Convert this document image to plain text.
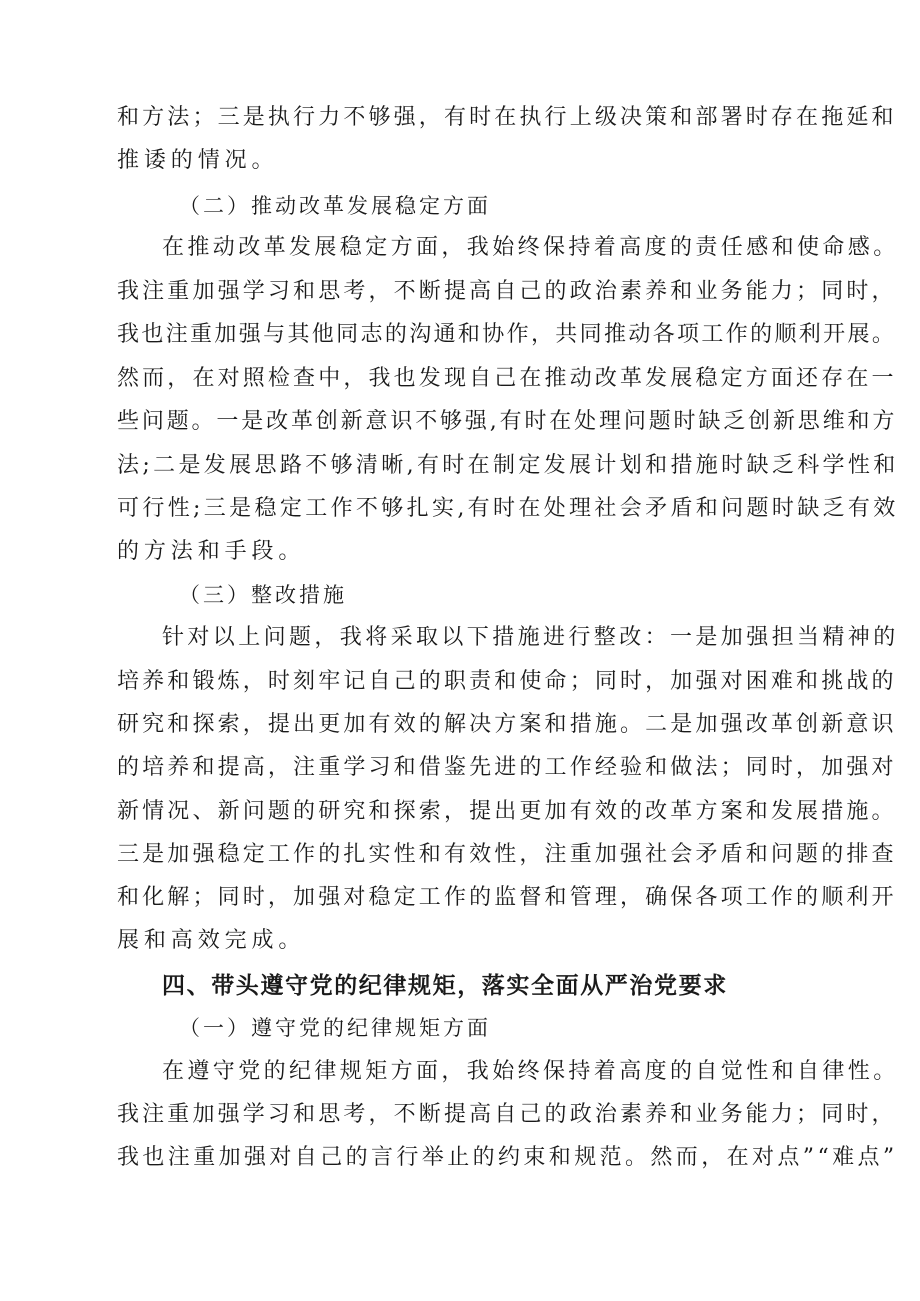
和方法；三是执行力不够强，有时在执行上级决策和部署时存在拖延和
推诿的情况。
（二）推动改革发展稳定方面
在推动改革发展稳定方面，我始终保持着高度的责任感和使命感。
我注重加强学习和思考，不断提高自己的政治素养和业务能力；同时，
我也注重加强与其他同志的沟通和协作，共同推动各项工作的顺利开展。
然而，在对照检查中，我也发现自己在推动改革发展稳定方面还存在一
些问题。一是改革创新意识不够强,有时在处理问题时缺乏创新思维和方
法;二是发展思路不够清晰,有时在制定发展计划和措施时缺乏科学性和
可行性;三是稳定工作不够扎实,有时在处理社会矛盾和问题时缺乏有效
的方法和手段。
（三）整改措施
针对以上问题，我将采取以下措施进行整改：一是加强担当精神的
培养和锻炼，时刻牢记自己的职责和使命；同时，加强对困难和挑战的
研究和探索，提出更加有效的解决方案和措施。二是加强改革创新意识
的培养和提高，注重学习和借鉴先进的工作经验和做法；同时，加强对
新情况、新问题的研究和探索，提出更加有效的改革方案和发展措施。
三是加强稳定工作的扎实性和有效性，注重加强社会矛盾和问题的排查
和化解；同时，加强对稳定工作的监督和管理，确保各项工作的顺利开
展和高效完成。
四、带头遵守党的纪律规矩，落实全面从严治党要求
（一）遵守党的纪律规矩方面
在遵守党的纪律规矩方面，我始终保持着高度的自觉性和自律性。
我注重加强学习和思考，不断提高自己的政治素养和业务能力；同时，
我也注重加强对自己的言行举止的约束和规范。然而，在对点”“难点”
